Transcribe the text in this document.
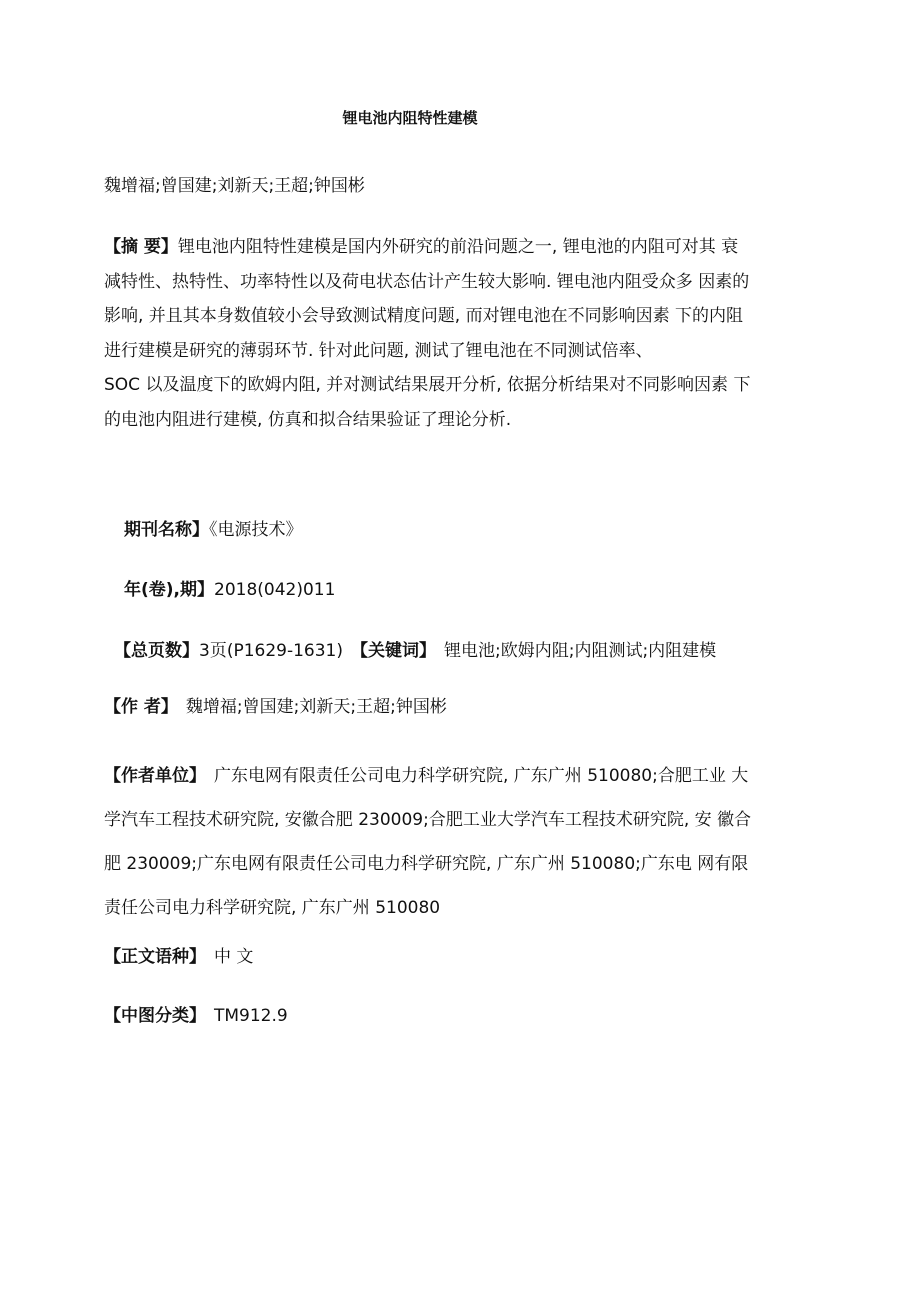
锂电池内阻特性建模
魏增福;曾国建;刘新天;王超;钟国彬
【摘 要】锂电池内阻特性建模是国内外研究的前沿问题之一, 锂电池的内阻可对其 衰
减特性、热特性、功率特性以及荷电状态估计产生较大影响. 锂电池内阻受众多 因素的
影响, 并且其本身数值较小会导致测试精度问题, 而对锂电池在不同影响因素 下的内阻
进行建模是研究的薄弱环节. 针对此问题, 测试了锂电池在不同测试倍率、
SOC 以及温度下的欧姆内阻, 并对测试结果展开分析, 依据分析结果对不同影响因素 下
的电池内阻进行建模, 仿真和拟合结果验证了理论分析.
期刊名称】《电源技术》
年(卷),期】2018(042)011
【总页数】3页(P1629-1631) 【关键词】 锂电池;欧姆内阻;内阻测试;内阻建模
【作 者】 魏增福;曾国建;刘新天;王超;钟国彬
【作者单位】 广东电网有限责任公司电力科学研究院, 广东广州 510080;合肥工业 大
学汽车工程技术研究院, 安徽合肥 230009;合肥工业大学汽车工程技术研究院, 安 徽合
肥 230009;广东电网有限责任公司电力科学研究院, 广东广州 510080;广东电 网有限
责任公司电力科学研究院, 广东广州 510080
【正文语种】 中 文
【中图分类】 TM912.9
